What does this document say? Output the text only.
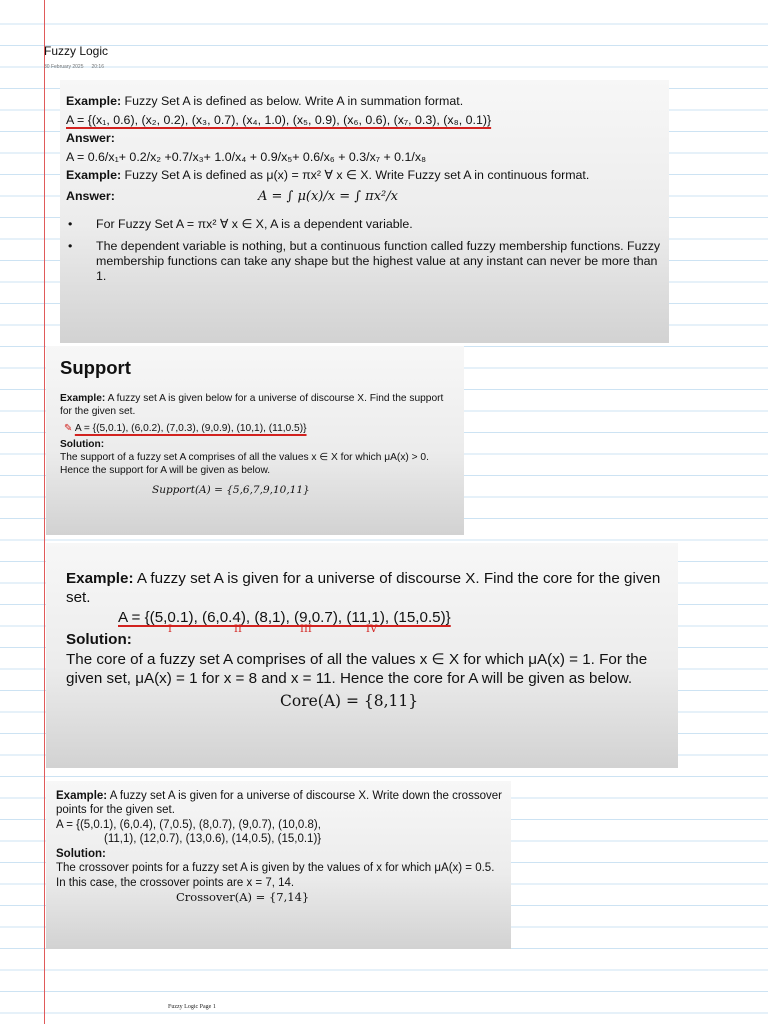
Fuzzy Logic
30 February 2025 20:16
Example: Fuzzy Set A is defined as below. Write A in summation format.
A = {(x₁, 0.6), (x₂, 0.2), (x₃, 0.7), (x₄, 1.0), (x₅, 0.9), (x₆, 0.6), (x₇, 0.3), (x₈, 0.1)}
Answer:
A = 0.6/x₁+ 0.2/x₂ +0.7/x₃+ 1.0/x₄ + 0.9/x₅+ 0.6/x₆ + 0.3/x₇ + 0.1/x₈
Example: Fuzzy Set A is defined as μ(x) = πx² ∀ x ∈ X. Write Fuzzy set A in continuous format.
Answer:	A = ∫ μ(x)/x = ∫ πx²/x
• For Fuzzy Set A = πx² ∀ x ∈ X, A is a dependent variable.
• The dependent variable is nothing, but a continuous function called fuzzy membership functions. Fuzzy membership functions can take any shape but the highest value at any instant can never be more than 1.
Support
Example: A fuzzy set A is given below for a universe of discourse X. Find the support for the given set.
✎ A = {(5,0.1), (6,0.2), (7,0.3), (9,0.9), (10,1), (11,0.5)}
Solution:
The support of a fuzzy set A comprises of all the values x ∈ X for which μA(x) > 0. Hence the support for A will be given as below.
Support(A) = {5,6,7,9,10,11}
Example: A fuzzy set A is given for a universe of discourse X. Find the core for the given set.
A = {(5,0.1), (6,0.4), (8,1), (9,0.7), (11,1), (15,0.5)}
I	II	III	IV
Solution:
The core of a fuzzy set A comprises of all the values x ∈ X for which μA(x) = 1. For the given set, μA(x) = 1 for x = 8 and x = 11. Hence the core for A will be given as below.
Core(A) = {8,11}
Example: A fuzzy set A is given for a universe of discourse X. Write down the crossover points for the given set.
A = {(5,0.1), (6,0.4), (7,0.5), (8,0.7), (9,0.7), (10,0.8),
(11,1), (12,0.7), (13,0.6), (14,0.5), (15,0.1)}
Solution:
The crossover points for a fuzzy set A is given by the values of x for which μA(x) = 0.5. In this case, the crossover points are x = 7, 14.
Crossover(A) = {7,14}
Fuzzy Logic Page 1
